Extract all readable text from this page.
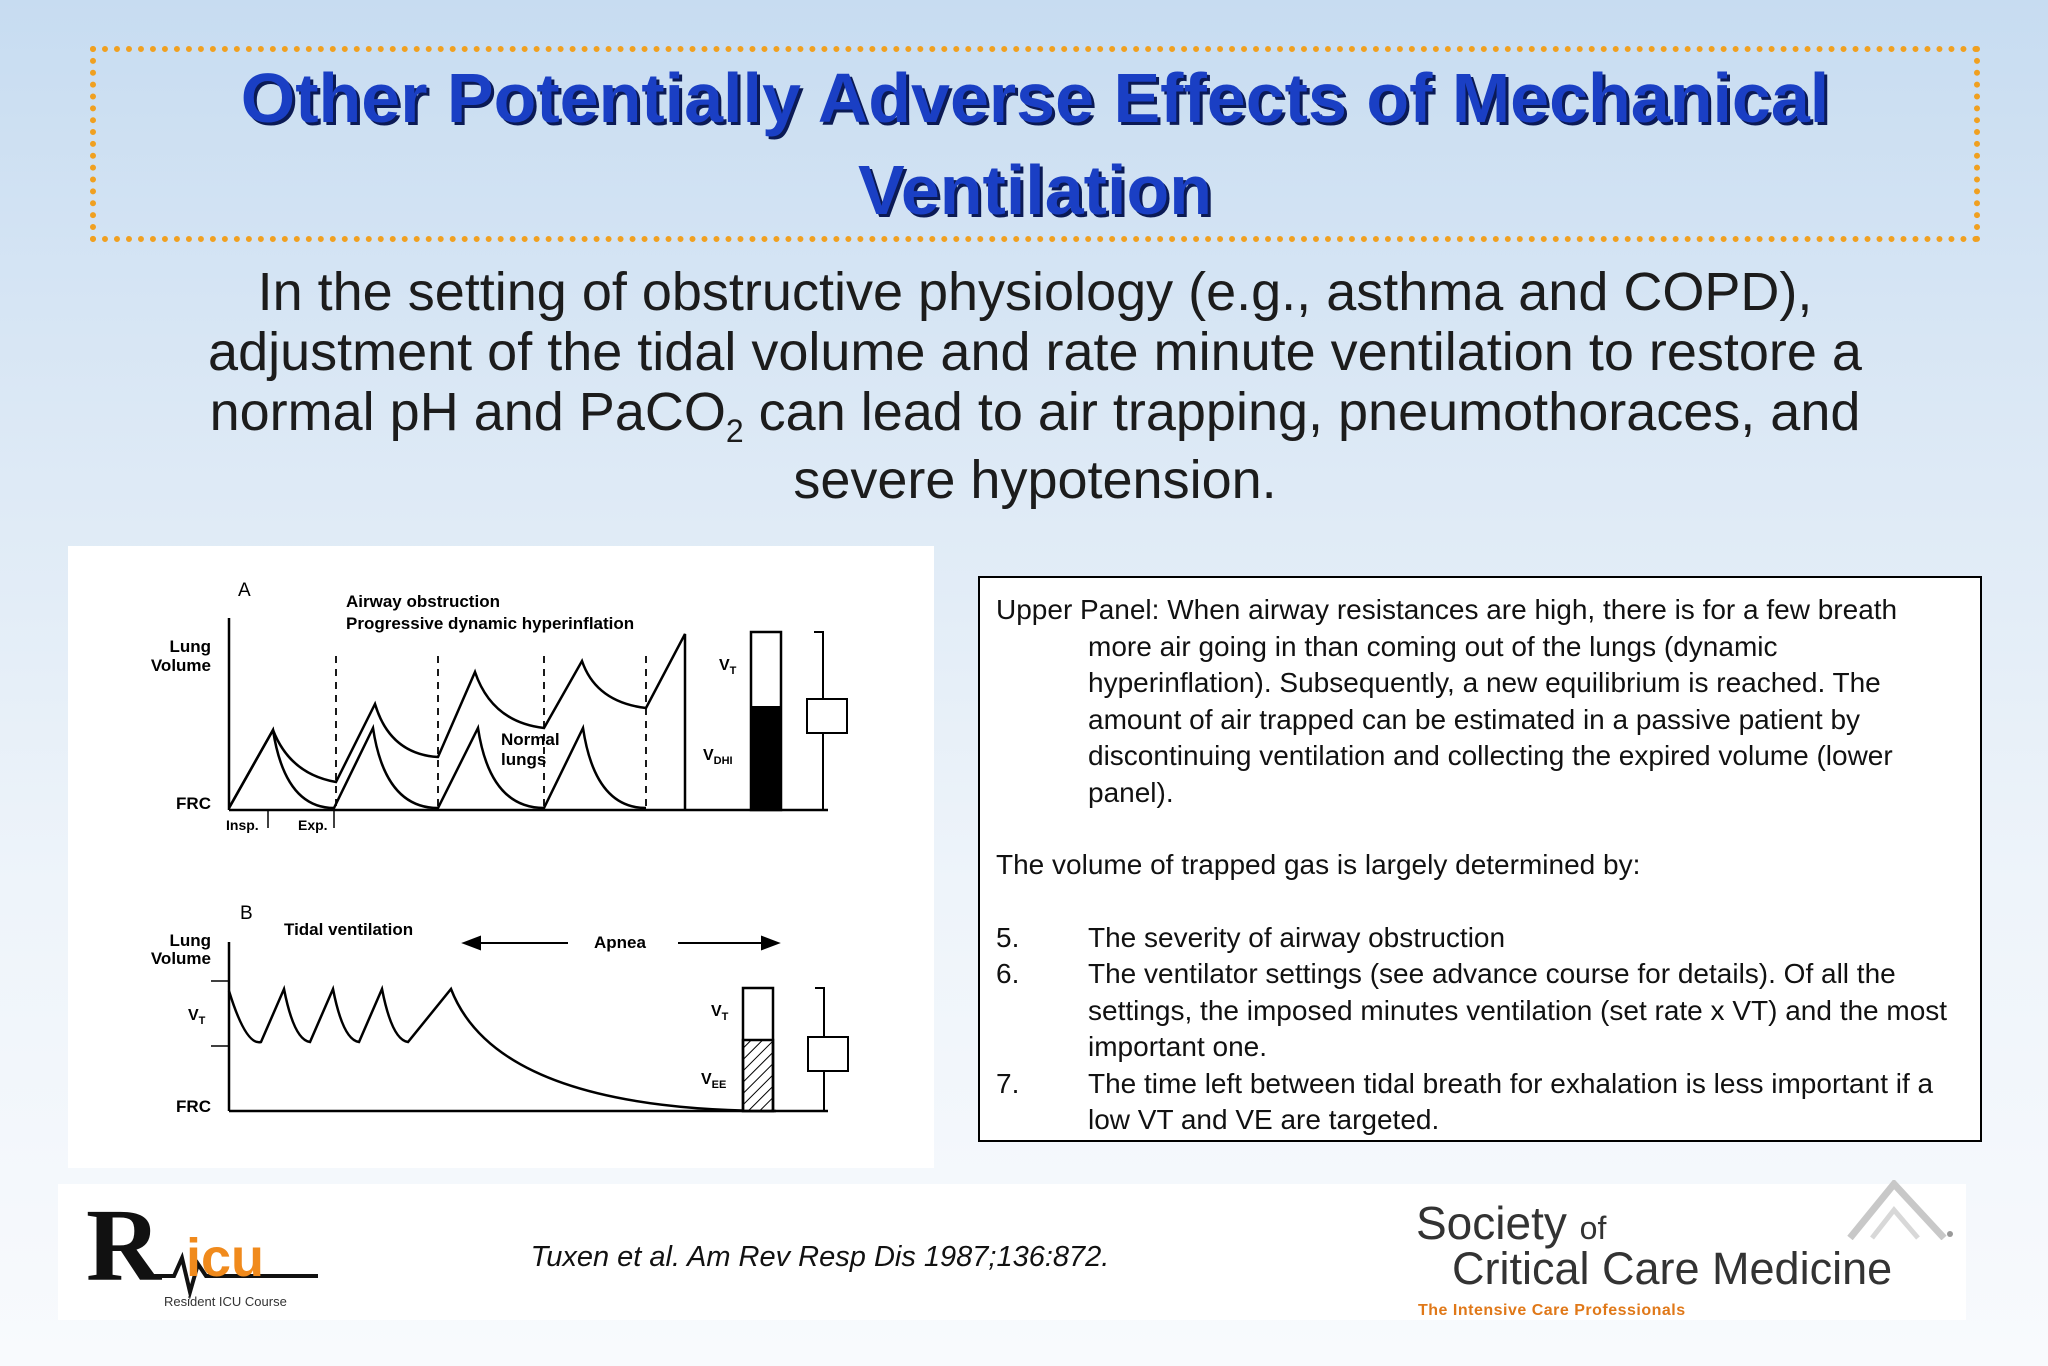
Other Potentially Adverse Effects of Mechanical Ventilation
In the setting of obstructive physiology (e.g., asthma and COPD), adjustment of the tidal volume and rate minute ventilation to restore a normal pH and PaCO$_2$ can lead to air trapping, pneumothoraces, and
severe hypotension.
A
Airway obstruction
Progressive dynamic hyperinflation
Lung
Volume
FRC
Insp.	Exp.
Normal
lungs
$V_T$
$V_{DHI}$
B
Tidal ventilation
Apnea
Lung
Volume
$V_T$
FRC
$V_T$
$V_{EE}$

Upper Panel: When airway resistances are high, there is for a few breath more air going in than coming out of the lungs (dynamic hyperinflation). Subsequently, a new equilibrium is reached. The amount of air trapped can be estimated in a passive patient by discontinuing ventilation and collecting the expired volume (lower panel).

The volume of trapped gas is largely determined by:

5.	The severity of airway obstruction
6.	The ventilator settings (see advance course for details). Of all the settings, the imposed minutes ventilation (set rate x VT) and the most important one.
7.	The time left between tidal breath for exhalation is less important if a low VT and VE are targeted.
R icu
Resident ICU Course
Tuxen et al. Am Rev Resp Dis 1987;136:872.
Society of
Critical Care Medicine
The Intensive Care Professionals
